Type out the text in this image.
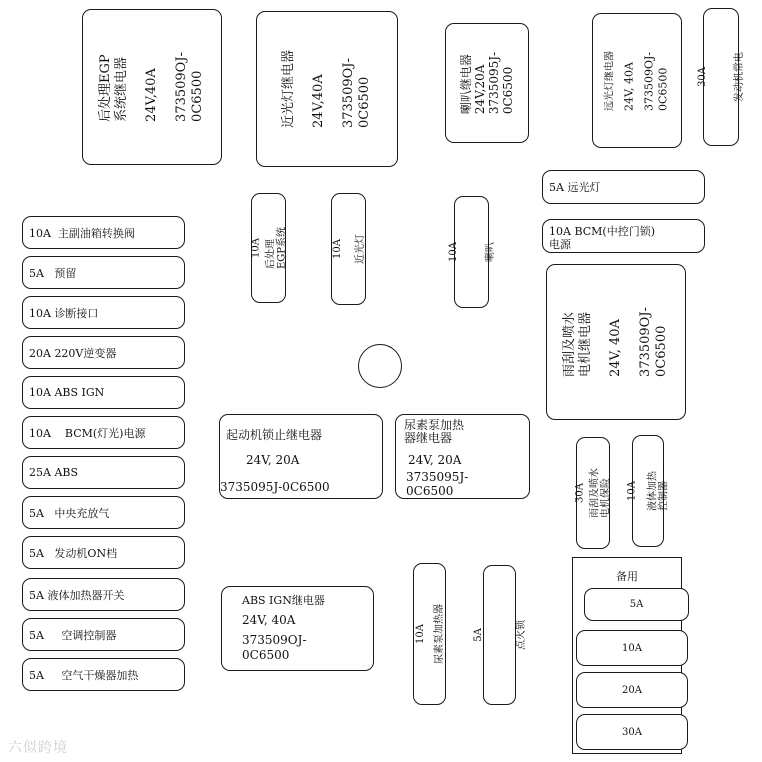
后处理EGP 系统继电器 24V,40A 373509OJ- 0C6500	近光灯继电器 24V,40A 373509OJ- 0C6500	喇叭继电器 24V,20A 3735095J- 0C6500	远光灯继电器 24V, 40A 373509OJ- 0C6500	30A	发动机常电
5A 远光灯
10A BCM(中控门锁)
电源
雨刮及喷水 电机继电器 24V, 40A 373509OJ- 0C6500
10A  主副油箱转换阀
5A   预留
10A 诊断接口
20A 220V逆变器
10A ABS IGN
10A    BCM(灯光)电源
25A ABS
5A   中央充放气
5A   发动机ON档
5A 液体加热器开关
5A     空调控制器
5A     空气干燥器加热
10A 后处理 EGP系统	10A	近光灯	10A	喇叭
起动机锁止继电器
24V, 20A
3735095J-0C6500
尿素泵加热
器继电器
24V, 20A
3735095J-
0C6500	30A 雨刮及喷水 电机保险 10A 液体加热 控制器
ABS IGN继电器
24V, 40A
373509OJ-
0C6500
10A 尿素泵加热器	5A	点火锁
备用
5A
10A
20A
30A
六似跨境
